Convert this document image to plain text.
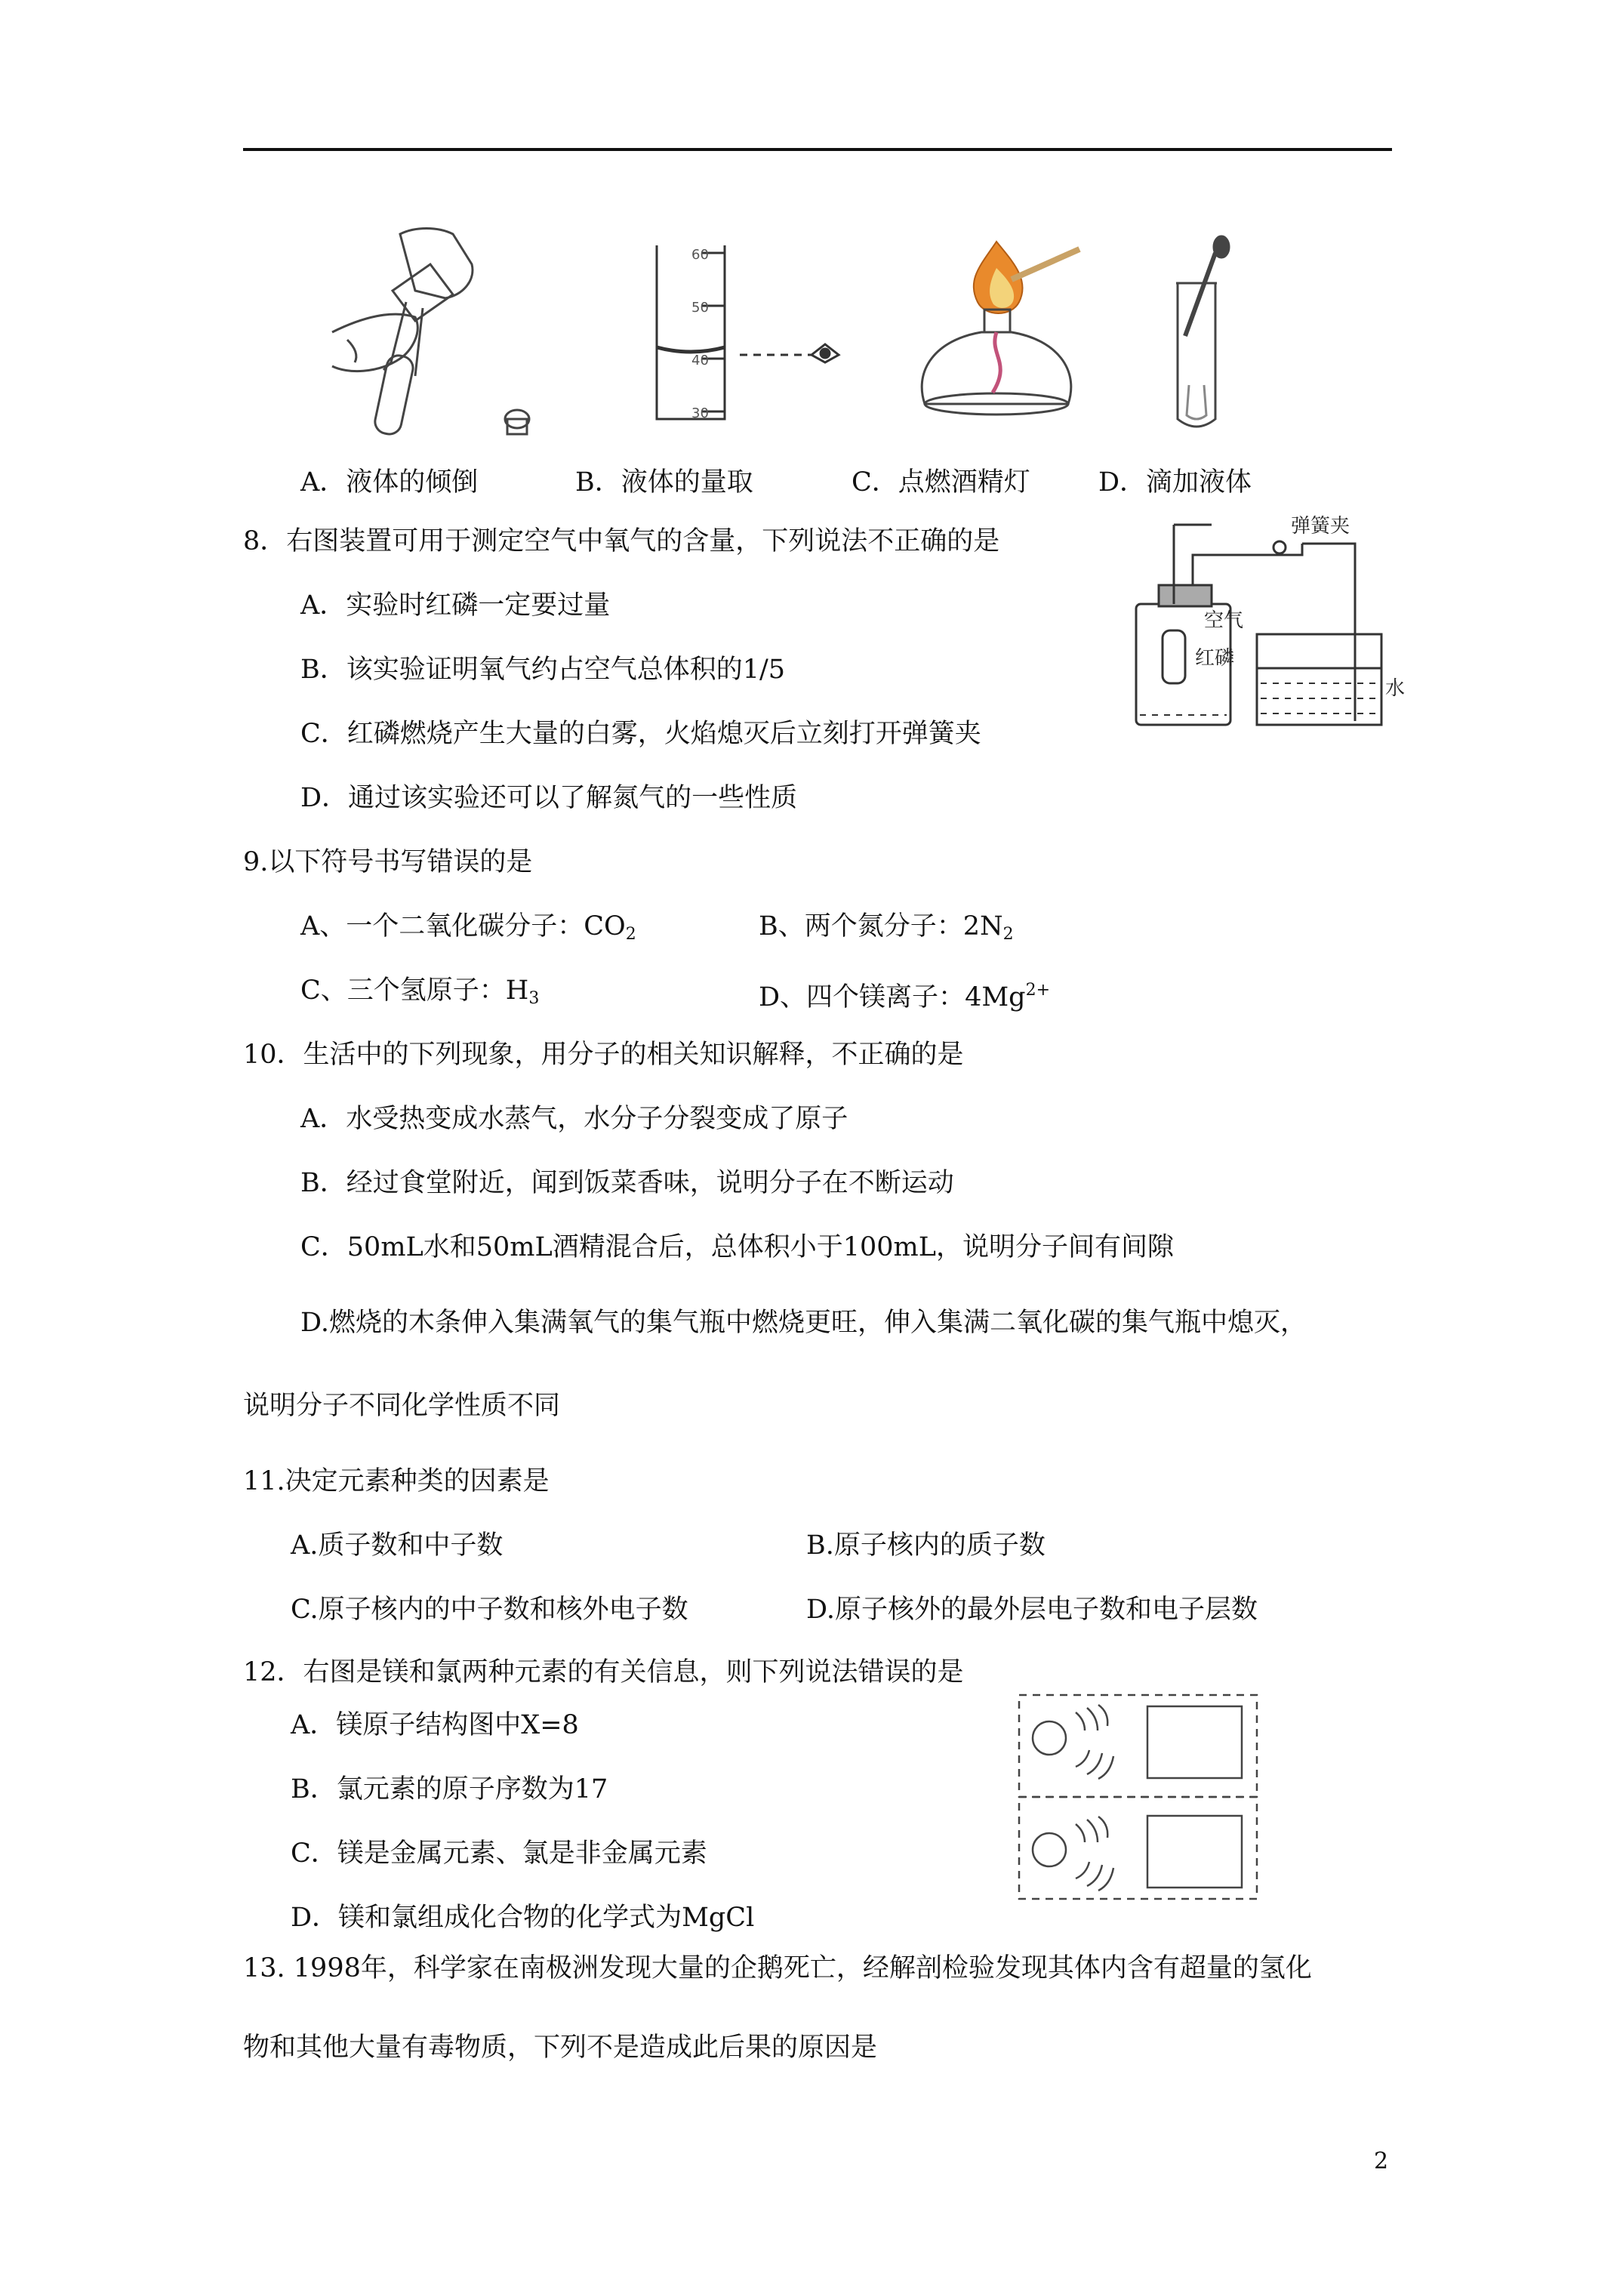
60
50
40
30
A．液体的倾倒	B．液体的量取	C．点燃酒精灯	D．滴加液体
8．右图装置可用于测定空气中氧气的含量，下列说法不正确的是
A．实验时红磷一定要过量
B．该实验证明氧气约占空气总体积的1/5
C．红磷燃烧产生大量的白雾，火焰熄灭后立刻打开弹簧夹
D．通过该实验还可以了解氮气的一些性质
弹簧夹
空气
红磷
水
9.以下符号书写错误的是
A、一个二氧化碳分子：$CO_2$	B、两个氮分子：$2N_2$
C、三个氢原子：$H_3$	D、四个镁离子：$4Mg^{2+}$
10．生活中的下列现象，用分子的相关知识解释，不正确的是
A．水受热变成水蒸气，水分子分裂变成了原子
B．经过食堂附近，闻到饭菜香味，说明分子在不断运动
C．50mL水和50mL酒精混合后，总体积小于100mL，说明分子间有间隙
D.燃烧的木条伸入集满氧气的集气瓶中燃烧更旺，伸入集满二氧化碳的集气瓶中熄灭，
说明分子不同化学性质不同
11.决定元素种类的因素是
A.质子数和中子数	B.原子核内的质子数
C.原子核内的中子数和核外电子数	D.原子核外的最外层电子数和电子层数
12．右图是镁和氯两种元素的有关信息，则下列说法错误的是
A．镁原子结构图中X=8
B．氯元素的原子序数为17
C．镁是金属元素、氯是非金属元素
D．镁和氯组成化合物的化学式为MgCl
13. 1998年，科学家在南极洲发现大量的企鹅死亡，经解剖检验发现其体内含有超量的氢化
物和其他大量有毒物质，下列不是造成此后果的原因是
2
